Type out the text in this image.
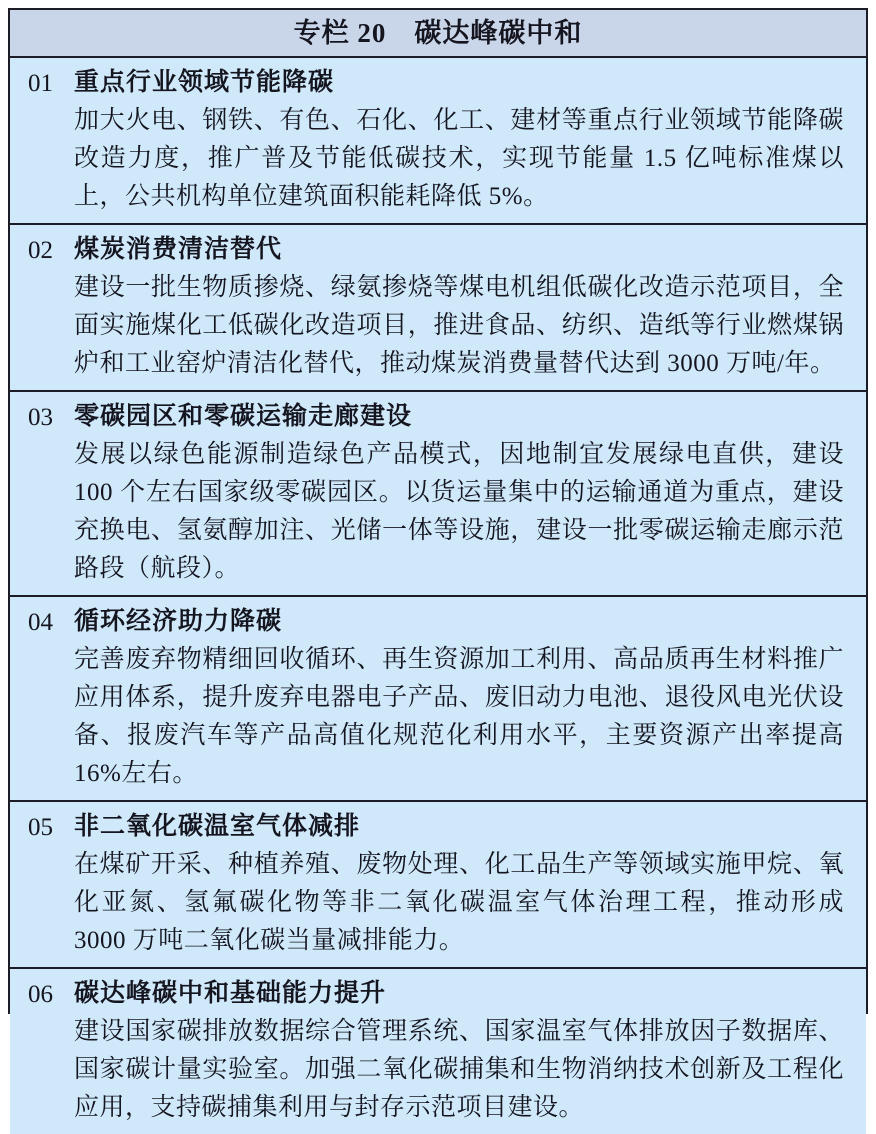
专栏 20　碳达峰碳中和
01 重点行业领域节能降碳
加大火电、钢铁、有色、石化、化工、建材等重点行业领域节能降碳改造力度，推广普及节能低碳技术，实现节能量 1.5 亿吨标准煤以上，公共机构单位建筑面积能耗降低 5%。
02 煤炭消费清洁替代
建设一批生物质掺烧、绿氨掺烧等煤电机组低碳化改造示范项目，全面实施煤化工低碳化改造项目，推进食品、纺织、造纸等行业燃煤锅炉和工业窑炉清洁化替代，推动煤炭消费量替代达到 3000 万吨/年。
03 零碳园区和零碳运输走廊建设
发展以绿色能源制造绿色产品模式，因地制宜发展绿电直供，建设 100 个左右国家级零碳园区。以货运量集中的运输通道为重点，建设充换电、氢氨醇加注、光储一体等设施，建设一批零碳运输走廊示范路段（航段）。
04 循环经济助力降碳
完善废弃物精细回收循环、再生资源加工利用、高品质再生材料推广应用体系，提升废弃电器电子产品、废旧动力电池、退役风电光伏设备、报废汽车等产品高值化规范化利用水平，主要资源产出率提高 16%左右。
05 非二氧化碳温室气体减排
在煤矿开采、种植养殖、废物处理、化工品生产等领域实施甲烷、氧化亚氮、氢氟碳化物等非二氧化碳温室气体治理工程，推动形成 3000 万吨二氧化碳当量减排能力。
06 碳达峰碳中和基础能力提升
建设国家碳排放数据综合管理系统、国家温室气体排放因子数据库、国家碳计量实验室。加强二氧化碳捕集和生物消纳技术创新及工程化应用，支持碳捕集利用与封存示范项目建设。
